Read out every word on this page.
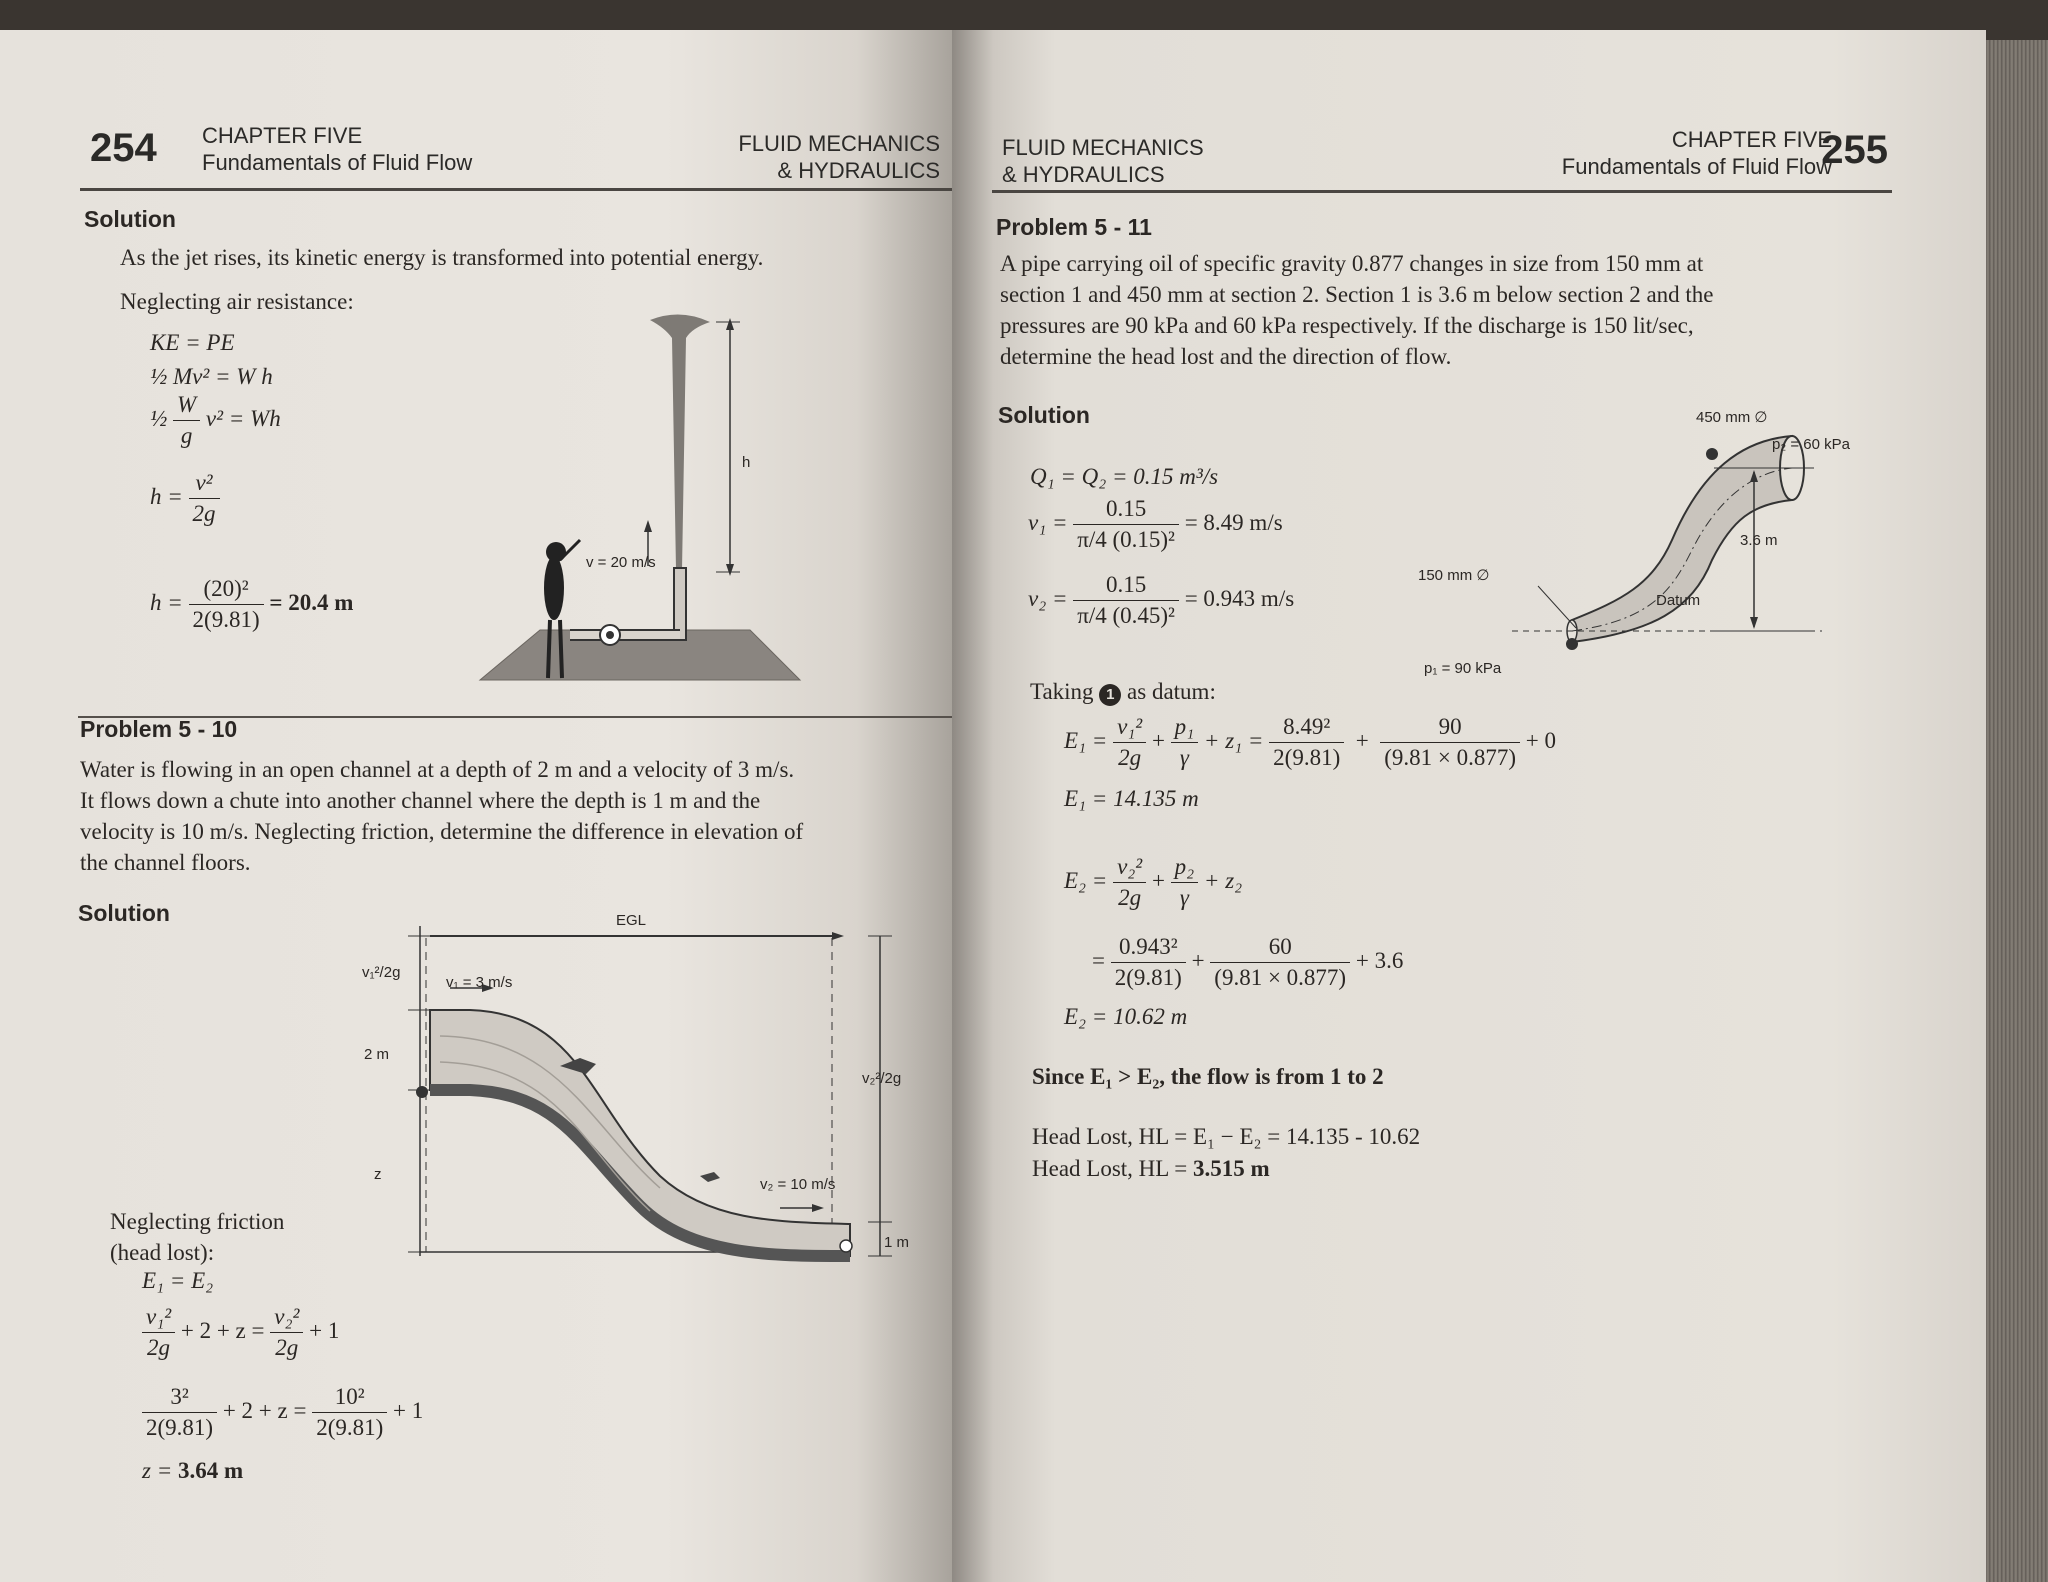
254 CHAPTER FIVE
Fundamentals of Fluid Flow
FLUID MECHANICS
& HYDRAULICS
Solution
As the jet rises, its kinetic energy is transformed into potential energy.
Neglecting air resistance:
KE = PE
½ Mv² = W h
½ $\frac{W}{g} v^2 = Wh$
$h = \frac{\text{v²}}{2g}$
$h = \frac{\text{(20)²}}{2(9.81)} = 20.4$ m
h
v = 20 m/s
Problem 5 - 10
Water is flowing in an open channel at a depth of 2 m and a velocity of 3 m/s.
It flows down a chute into another channel where the depth is 1 m and the
velocity is 10 m/s. Neglecting friction, determine the difference in elevation of
the channel floors.
Solution	EGL
v₁²/2g
v₁ = 3 m/s
2 m
z
v₂²/2g
v₂ = 10 m/s
1 m
Neglecting friction
(head lost):
E₁ = E₂
$\frac{\text{v₁²}}{2g} + 2 + z = \frac{\text{v₂²}}{2g} + 1$
$\frac{\text{3²}}{2(9.81)} + 2 + z = \frac{\text{10²}}{2(9.81)} + 1$
z = 3.64 m
FLUID MECHANICS
& HYDRAULICS
CHAPTER FIVE
Fundamentals of Fluid Flow
255
Problem 5 - 11
A pipe carrying oil of specific gravity 0.877 changes in size from 150 mm at
section 1 and 450 mm at section 2. Section 1 is 3.6 m below section 2 and the
pressures are 90 kPa and 60 kPa respectively. If the discharge is 150 lit/sec,
determine the head lost and the direction of flow.
Solution	450 mm ∅
p₂ = 60 kPa
3.6 m
150 mm ∅
Datum
p₁ = 90 kPa
Q₁ = Q₂ = 0.15 m³/s
$v_1 = \frac{0.15}{\text{π/4 (0.15)²}} = 8.49$ m/s
$v_2 = \frac{0.15}{\text{π/4 (0.45)²}} = 0.943$ m/s
Taking 1 as datum:
$E_1 = \frac{\text{v₁²}}{2g} + \frac{\text{p₁}}{\gamma} + z_1 = \frac{\text{8.49²}}{2(9.81)} + \frac{90}{(9.81 \times 0.877)} + 0$
E₁ = 14.135 m
$E_2 = \frac{\text{v₂²}}{2g} + \frac{\text{p₂}}{\gamma} + z_2$
= $\frac{\text{0.943²}}{2(9.81)} + \frac{60}{(9.81 \times 0.877)} + 3.6$
E₂ = 10.62 m
Since E₁ > E₂, the flow is from 1 to 2
Head Lost, HL = E₁ − E₂ = 14.135 - 10.62
Head Lost, HL = 3.515 m
